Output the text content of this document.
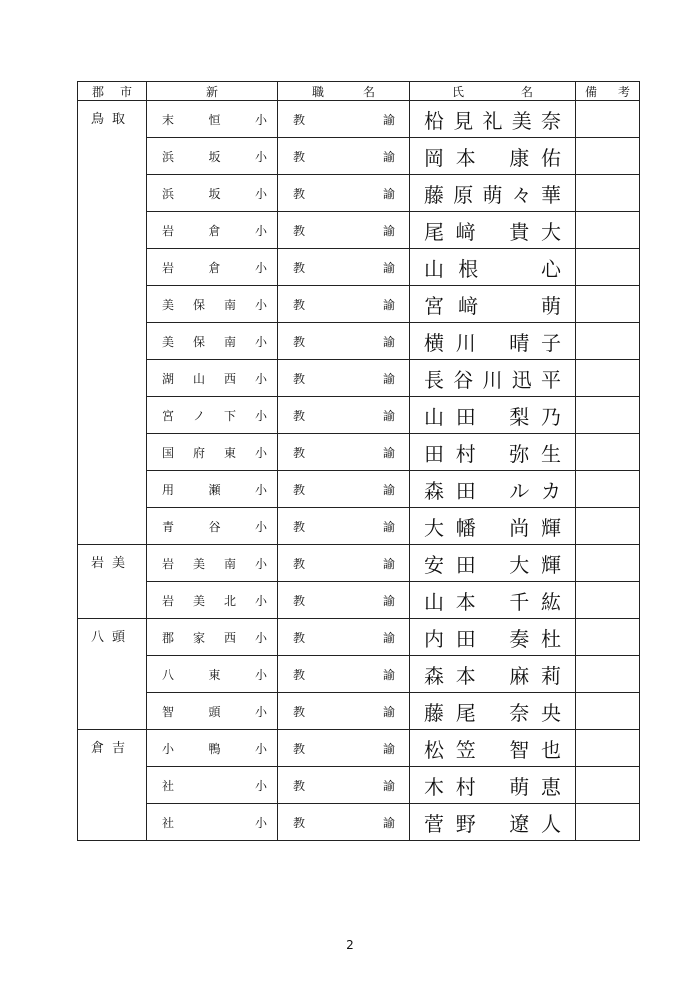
郡 市	新	職 名	氏 名	備 考

鳥取	末 恒 小	教 諭	柗 見 礼 美 奈	

	浜 坂 小	教 諭	岡 本 康 佑	

	浜 坂 小	教 諭	藤 原 萌 々 華	

	岩 倉 小	教 諭	尾 﨑 貴 大	

	岩 倉 小	教 諭	山 根 心	

	美 保 南 小	教 諭	宮 﨑 萌	

	美 保 南 小	教 諭	横 川 晴 子	

	湖 山 西 小	教 諭	長 谷 川 迅 平	

	宮 ノ 下 小	教 諭	山 田 梨 乃	

	国 府 東 小	教 諭	田 村 弥 生	

	用 瀬 小	教 諭	森 田 ル カ	

	青 谷 小	教 諭	大 幡 尚 輝	

岩美	岩 美 南 小	教 諭	安 田 大 輝	

	岩 美 北 小	教 諭	山 本 千 紘	

八頭	郡 家 西 小	教 諭	内 田 奏 杜	

	八 東 小	教 諭	森 本 麻 莉	

	智 頭 小	教 諭	藤 尾 奈 央	

倉吉	小 鴨 小	教 諭	松 笠 智 也	

	社 小	教 諭	木 村 萌 恵	

	社 小	教 諭	菅 野 遼 人	

2
